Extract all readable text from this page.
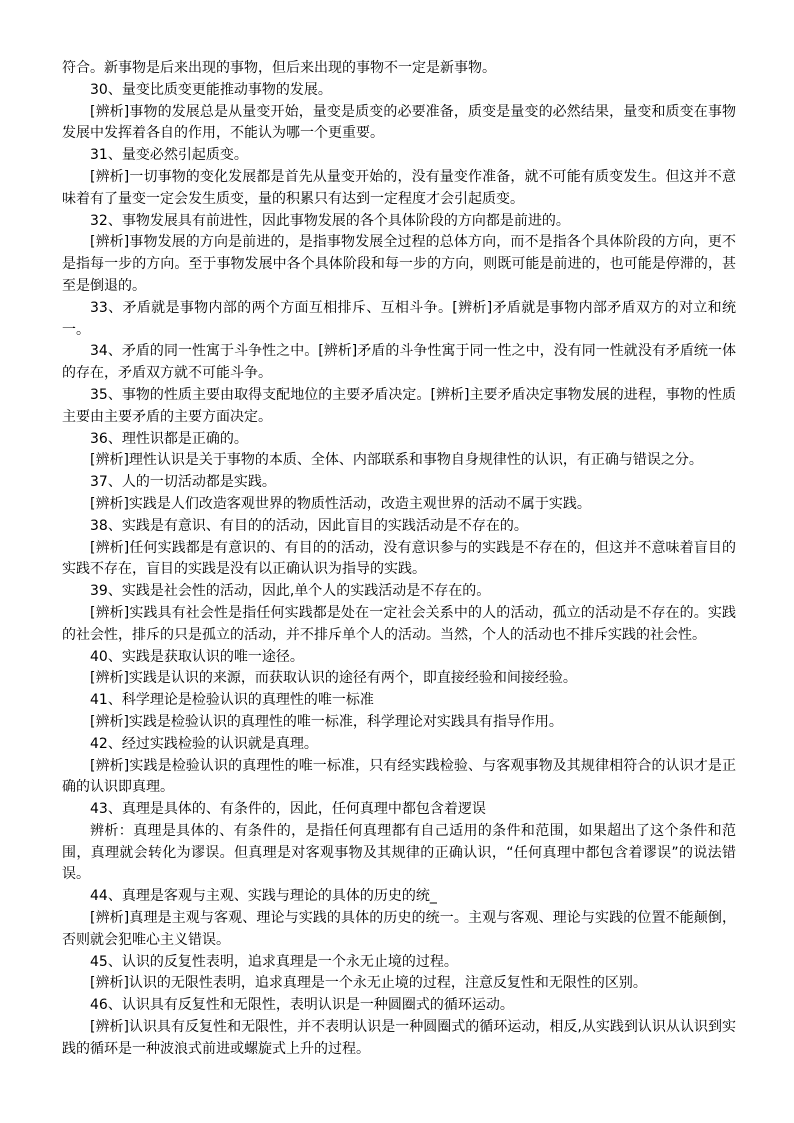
符合。新事物是后来出现的事物，但后来出现的事物不一定是新事物。

30、量变比质变更能推动事物的发展。

[辨析]事物的发展总是从量变开始，量变是质变的必要准备，质变是量变的必然结果，量变和质变在事物发展中发挥着各自的作用，不能认为哪一个更重要。

31、量变必然引起质变。

[辨析]一切事物的变化发展都是首先从量变开始的，没有量变作准备，就不可能有质变发生。但这并不意味着有了量变一定会发生质变，量的积累只有达到一定程度才会引起质变。

32、事物发展具有前进性，因此事物发展的各个具体阶段的方向都是前进的。

[辨析]事物发展的方向是前进的，是指事物发展全过程的总体方向，而不是指各个具体阶段的方向，更不是指每一步的方向。至于事物发展中各个具体阶段和每一步的方向，则既可能是前进的，也可能是停滞的，甚至是倒退的。

33、矛盾就是事物内部的两个方面互相排斥、互相斗争。[辨析]矛盾就是事物内部矛盾双方的对立和统一。

34、矛盾的同一性寓于斗争性之中。[辨析]矛盾的斗争性寓于同一性之中，没有同一性就没有矛盾统一体的存在，矛盾双方就不可能斗争。

35、事物的性质主要由取得支配地位的主要矛盾决定。[辨析]主要矛盾决定事物发展的进程，事物的性质主要由主要矛盾的主要方面决定。

36、理性识都是正确的。

[辨析]理性认识是关于事物的本质、全体、内部联系和事物自身规律性的认识，有正确与错误之分。

37、人的一切活动都是实践。

[辨析]实践是人们改造客观世界的物质性活动，改造主观世界的活动不属于实践。

38、实践是有意识、有目的的活动，因此盲目的实践活动是不存在的。

[辨析]任何实践都是有意识的、有目的的活动，没有意识参与的实践是不存在的，但这并不意味着盲目的实践不存在，盲目的实践是没有以正确认识为指导的实践。

39、实践是社会性的活动，因此,单个人的实践活动是不存在的。

[辨析]实践具有社会性是指任何实践都是处在一定社会关系中的人的活动，孤立的活动是不存在的。实践的社会性，排斥的只是孤立的活动，并不排斥单个人的活动。当然，个人的活动也不排斥实践的社会性。

40、实践是获取认识的唯一途径。

[辨析]实践是认识的来源，而获取认识的途径有两个，即直接经验和间接经验。

41、科学理论是检验认识的真理性的唯一标准

[辨析]实践是检验认识的真理性的唯一标准，科学理论对实践具有指导作用。

42、经过实践检验的认识就是真理。

[辨析]实践是检验认识的真理性的唯一标准，只有经实践检验、与客观事物及其规律相符合的认识才是正确的认识即真理。

43、真理是具体的、有条件的，因此，任何真理中都包含着逻误

辨析：真理是具体的、有条件的，是指任何真理都有自己适用的条件和范围，如果超出了这个条件和范围，真理就会转化为谬误。但真理是对客观事物及其规律的正确认识，“任何真理中都包含着谬误”的说法错误。

44、真理是客观与主观、实践与理论的具体的历史的统_

[辨析]真理是主观与客观、理论与实践的具体的历史的统一。主观与客观、理论与实践的位置不能颠倒，否则就会犯唯心主义错误。

45、认识的反复性表明，追求真理是一个永无止境的过程。

[辨析]认识的无限性表明，追求真理是一个永无止境的过程，注意反复性和无限性的区别。

46、认识具有反复性和无限性，表明认识是一种圆圈式的循环运动。

[辨析]认识具有反复性和无限性，并不表明认识是一种圆圈式的循环运动，相反,从实践到认识从认识到实践的循环是一种波浪式前进或螺旋式上升的过程。
